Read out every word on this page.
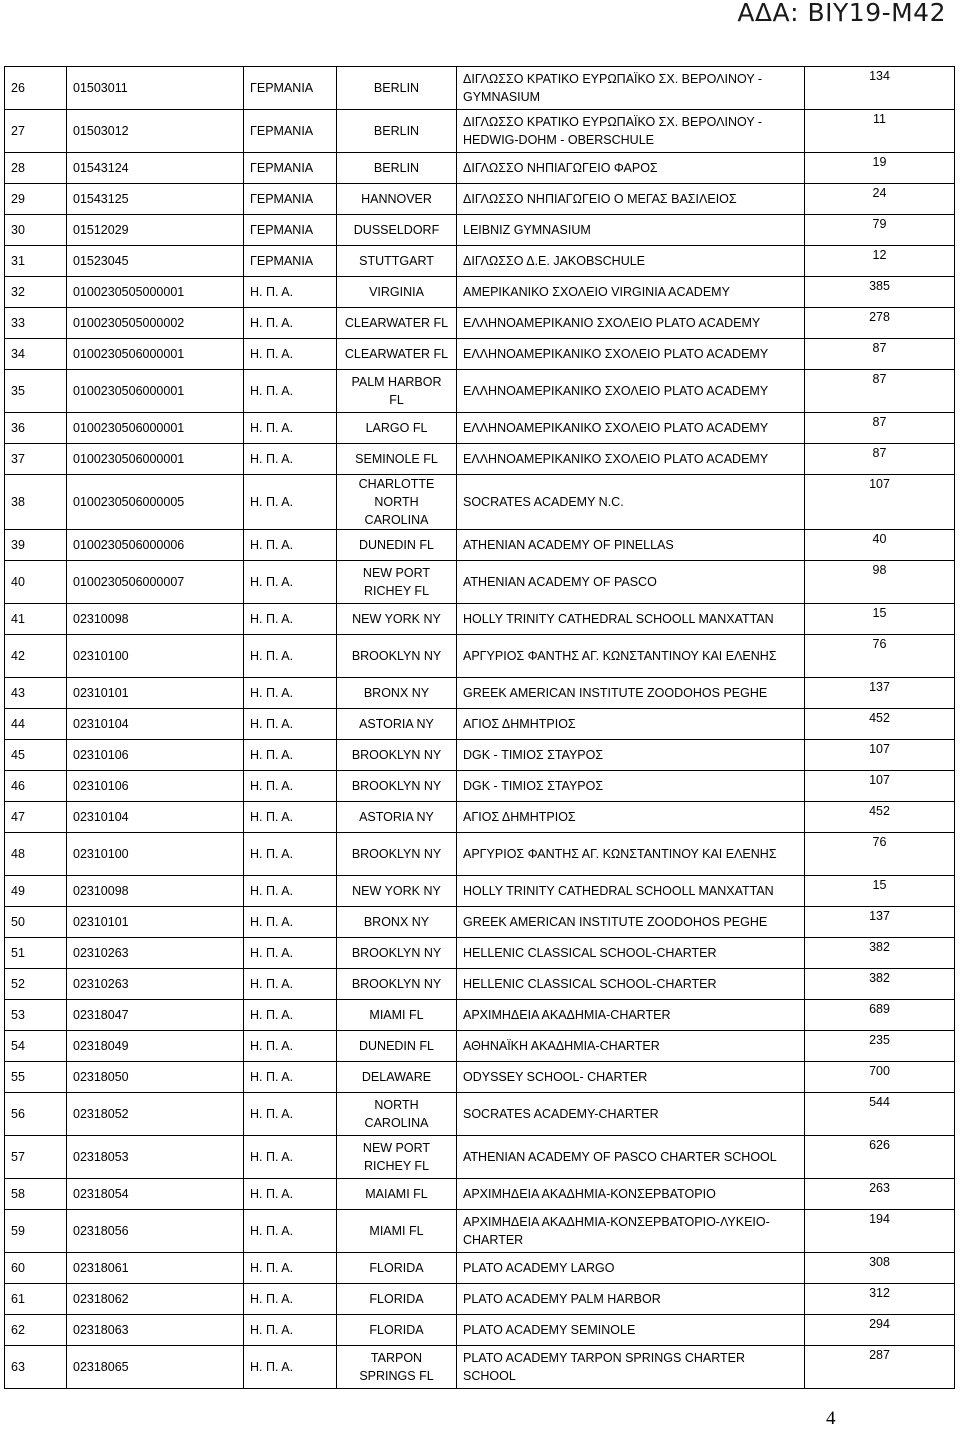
ΑΔΑ: ΒΙΥ19-Μ42
26	01503011	ΓΕΡΜΑΝΙΑ	BERLIN	ΔΙΓΛΩΣΣΟ ΚΡΑΤΙΚΟ ΕΥΡΩΠΑΪΚΟ ΣΧ. ΒΕΡΟΛΙΝΟΥ - GYMNASIUM	134
27	01503012	ΓΕΡΜΑΝΙΑ	BERLIN	ΔΙΓΛΩΣΣΟ ΚΡΑΤΙΚΟ ΕΥΡΩΠΑΪΚΟ ΣΧ. ΒΕΡΟΛΙΝΟΥ - HEDWIG-DOHM - OBERSCHULE	11
28	01543124	ΓΕΡΜΑΝΙΑ	BERLIN	ΔΙΓΛΩΣΣΟ ΝΗΠΙΑΓΩΓΕΙΟ ΦΑΡΟΣ	19
29	01543125	ΓΕΡΜΑΝΙΑ	HANNOVER	ΔΙΓΛΩΣΣΟ ΝΗΠΙΑΓΩΓΕΙΟ Ο ΜΕΓΑΣ ΒΑΣΙΛΕΙΟΣ	24
30	01512029	ΓΕΡΜΑΝΙΑ	DUSSELDORF	LEIBNIZ GYMNASIUM	79
31	01523045	ΓΕΡΜΑΝΙΑ	STUTTGART	ΔΙΓΛΩΣΣΟ Δ.Ε. JAKOBSCHULE	12
32	0100230505000001	Η. Π. Α.	VIRGINIA	ΑΜΕΡΙΚΑΝΙΚΟ ΣΧΟΛΕΙΟ VIRGINIA ACADEMY	385
33	0100230505000002	Η. Π. Α.	CLEARWATER FL	ΕΛΛΗΝΟΑΜΕΡΙΚΑΝΙΟ ΣΧΟΛΕΙΟ PLATO ACADEMY	278
34	0100230506000001	Η. Π. Α.	CLEARWATER FL	ΕΛΛΗΝΟΑΜΕΡΙΚΑΝΙΚΟ ΣΧΟΛΕΙΟ PLATO ACADEMY	87
35	0100230506000001	Η. Π. Α.	PALM HARBOR FL	ΕΛΛΗΝΟΑΜΕΡΙΚΑΝΙΚΟ ΣΧΟΛΕΙΟ PLATO ACADEMY	87
36	0100230506000001	Η. Π. Α.	LARGO FL	ΕΛΛΗΝΟΑΜΕΡΙΚΑΝΙΚΟ ΣΧΟΛΕΙΟ PLATO ACADEMY	87
37	0100230506000001	Η. Π. Α.	SEMINOLE FL	ΕΛΛΗΝΟΑΜΕΡΙΚΑΝΙΚΟ ΣΧΟΛΕΙΟ PLATO ACADEMY	87
38	0100230506000005	Η. Π. Α.	CHARLOTTE NORTH CAROLINA	SOCRATES ACADEMY N.C.	107
39	0100230506000006	Η. Π. Α.	DUNEDIN FL	ATHENIAN ACADEMY OF PINELLAS	40
40	0100230506000007	Η. Π. Α.	NEW PORT RICHEY FL	ATHENIAN ACADEMY OF PASCO	98
41	02310098	Η. Π. Α.	NEW YORK NY	HOLLY TRINITY CATHEDRAL SCHOOLL MANXATTAN	15
42	02310100	Η. Π. Α.	BROOKLYN NY	ΑΡΓΥΡΙΟΣ ΦΑΝΤΗΣ ΑΓ. ΚΩΝΣΤΑΝΤΙΝΟΥ ΚΑΙ ΕΛΕΝΗΣ	76
43	02310101	Η. Π. Α.	BRONX NY	GREEK AMERICAN INSTITUTE ZOODOHOS PEGHE	137
44	02310104	Η. Π. Α.	ASTORIA NY	ΑΓΙΟΣ ΔΗΜΗΤΡΙΟΣ	452
45	02310106	Η. Π. Α.	BROOKLYN NY	DGK - ΤΙΜΙΟΣ ΣΤΑΥΡΟΣ	107
46	02310106	Η. Π. Α.	BROOKLYN NY	DGK - ΤΙΜΙΟΣ ΣΤΑΥΡΟΣ	107
47	02310104	Η. Π. Α.	ASTORIA NY	ΑΓΙΟΣ ΔΗΜΗΤΡΙΟΣ	452
48	02310100	Η. Π. Α.	BROOKLYN NY	ΑΡΓΥΡΙΟΣ ΦΑΝΤΗΣ ΑΓ. ΚΩΝΣΤΑΝΤΙΝΟΥ ΚΑΙ ΕΛΕΝΗΣ	76
49	02310098	Η. Π. Α.	NEW YORK NY	HOLLY TRINITY CATHEDRAL SCHOOLL MANXATTAN	15
50	02310101	Η. Π. Α.	BRONX NY	GREEK AMERICAN INSTITUTE ZOODOHOS PEGHE	137
51	02310263	Η. Π. Α.	BROOKLYN NY	HELLENIC CLASSICAL SCHOOL-CHARTER	382
52	02310263	Η. Π. Α.	BROOKLYN NY	HELLENIC CLASSICAL SCHOOL-CHARTER	382
53	02318047	Η. Π. Α.	MIAMI FL	ΑΡΧΙΜΗΔΕΙΑ ΑΚΑΔΗΜΙΑ-CHARTER	689
54	02318049	Η. Π. Α.	DUNEDIN FL	ΑΘΗΝΑΪΚΗ ΑΚΑΔΗΜΙΑ-CHARTER	235
55	02318050	Η. Π. Α.	DELAWARE	ODYSSEY SCHOOL- CHARTER	700
56	02318052	Η. Π. Α.	NORTH CAROLINA	SOCRATES ACADEMY-CHARTER	544
57	02318053	Η. Π. Α.	NEW PORT RICHEY FL	ATHENIAN ACADEMY OF PASCO CHARTER SCHOOL	626
58	02318054	Η. Π. Α.	MAIAMI FL	ΑΡΧΙΜΗΔΕΙΑ ΑΚΑΔΗΜΙΑ-ΚΟΝΣΕΡΒΑΤΟΡΙΟ	263
59	02318056	Η. Π. Α.	MIAMI FL	ΑΡΧΙΜΗΔΕΙΑ ΑΚΑΔΗΜΙΑ-ΚΟΝΣΕΡΒΑΤΟΡΙΟ-ΛΥΚΕΙΟ-CHARTER	194
60	02318061	Η. Π. Α.	FLORIDA	PLATO ACADEMY LARGO	308
61	02318062	Η. Π. Α.	FLORIDA	PLATO ACADEMY PALM HARBOR	312
62	02318063	Η. Π. Α.	FLORIDA	PLATO ACADEMY SEMINOLE	294
63	02318065	Η. Π. Α.	TARPON SPRINGS FL	PLATO ACADEMY TARPON SPRINGS CHARTER SCHOOL	287
4
